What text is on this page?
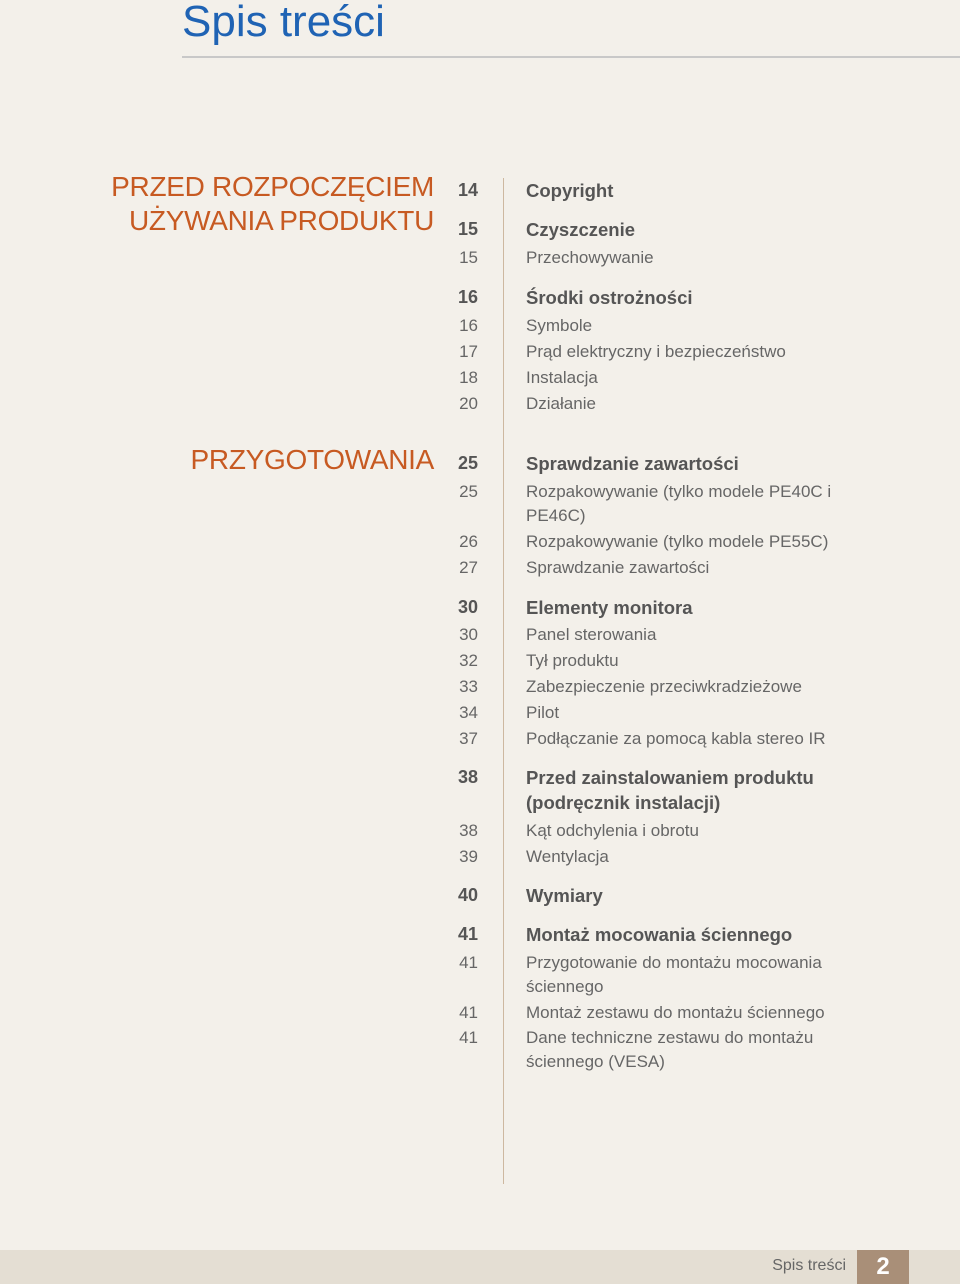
Spis treści
PRZED ROZPOCZĘCIEM
UŻYWANIA PRODUKTU
14	Copyright
15	Czyszczenie
15	Przechowywanie
16	Środki ostrożności
16	Symbole
17	Prąd elektryczny i bezpieczeństwo
18	Instalacja
20	Działanie
PRZYGOTOWANIA	25	Sprawdzanie zawartości
25	Rozpakowywanie (tylko modele PE40C i PE46C)
26	Rozpakowywanie (tylko modele PE55C)
27	Sprawdzanie zawartości
30	Elementy monitora
30	Panel sterowania
32	Tył produktu
33	Zabezpieczenie przeciwkradzieżowe
34	Pilot
37	Podłączanie za pomocą kabla stereo IR
38	Przed zainstalowaniem produktu (podręcznik instalacji)
38	Kąt odchylenia i obrotu
39	Wentylacja
40	Wymiary
41	Montaż mocowania ściennego
41	Przygotowanie do montażu mocowania ściennego
41	Montaż zestawu do montażu ściennego
41	Dane techniczne zestawu do montażu ściennego (VESA)
Spis treści	2
